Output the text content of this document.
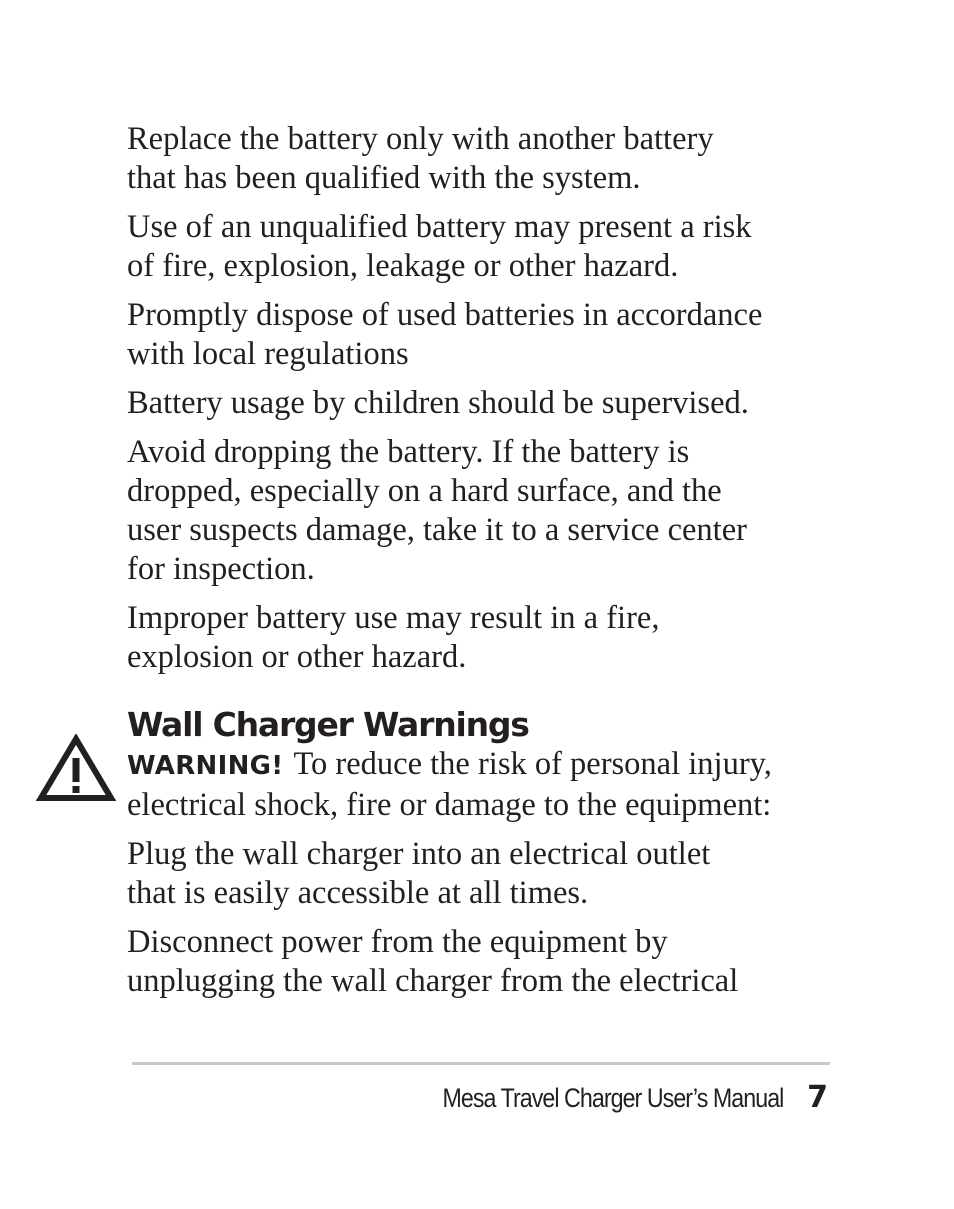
Replace the battery only with another battery
that has been qualified with the system.

Use of an unqualified battery may present a risk
of fire, explosion, leakage or other hazard.

Promptly dispose of used batteries in accordance
with local regulations

Battery usage by children should be supervised.

Avoid dropping the battery. If the battery is
dropped, especially on a hard surface, and the
user suspects damage, take it to a service center
for inspection.

Improper battery use may result in a fire,
explosion or other hazard.

Wall Charger Warnings

WARNING! To reduce the risk of personal injury,
electrical shock, fire or damage to the equipment:

Plug the wall charger into an electrical outlet
that is easily accessible at all times.

Disconnect power from the equipment by
unplugging the wall charger from the electrical

Mesa Travel Charger User’s Manual 7
